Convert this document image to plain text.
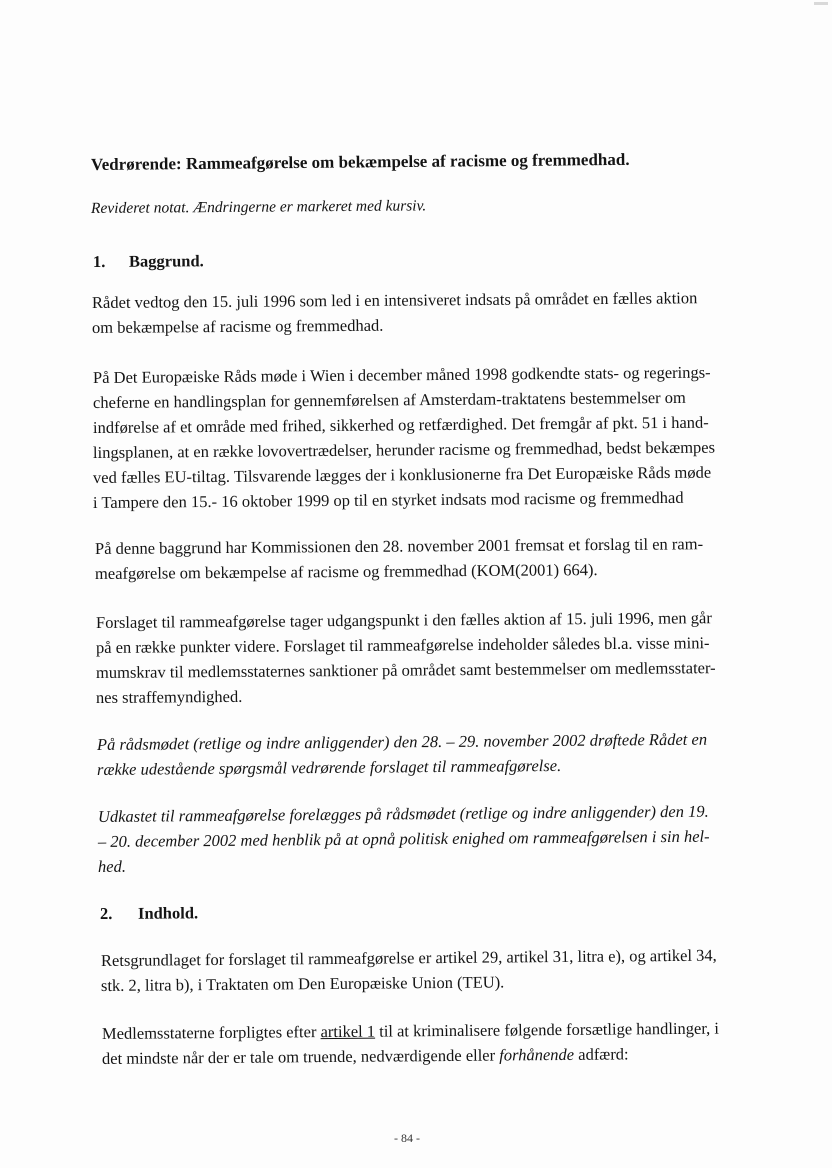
Vedrørende: Rammeafgørelse om bekæmpelse af racisme og fremmedhad.
Revideret notat. Ændringerne er markeret med kursiv.
1. Baggrund.
Rådet vedtog den 15. juli 1996 som led i en intensiveret indsats på området en fælles aktion
om bekæmpelse af racisme og fremmedhad.
På Det Europæiske Råds møde i Wien i december måned 1998 godkendte stats- og regerings-
cheferne en handlingsplan for gennemførelsen af Amsterdam-traktatens bestemmelser om
indførelse af et område med frihed, sikkerhed og retfærdighed. Det fremgår af pkt. 51 i hand-
lingsplanen, at en række lovovertrædelser, herunder racisme og fremmedhad, bedst bekæmpes
ved fælles EU-tiltag. Tilsvarende lægges der i konklusionerne fra Det Europæiske Råds møde
i Tampere den 15.- 16 oktober 1999 op til en styrket indsats mod racisme og fremmedhad
På denne baggrund har Kommissionen den 28. november 2001 fremsat et forslag til en ram-
meafgørelse om bekæmpelse af racisme og fremmedhad (KOM(2001) 664).
Forslaget til rammeafgørelse tager udgangspunkt i den fælles aktion af 15. juli 1996, men går
på en række punkter videre. Forslaget til rammeafgørelse indeholder således bl.a. visse mini-
mumskrav til medlemsstaternes sanktioner på området samt bestemmelser om medlemsstater-
nes straffemyndighed.
På rådsmødet (retlige og indre anliggender) den 28. – 29. november 2002 drøftede Rådet en
række udestående spørgsmål vedrørende forslaget til rammeafgørelse.
Udkastet til rammeafgørelse forelægges på rådsmødet (retlige og indre anliggender) den 19.
– 20. december 2002 med henblik på at opnå politisk enighed om rammeafgørelsen i sin hel-
hed.
2. Indhold.
Retsgrundlaget for forslaget til rammeafgørelse er artikel 29, artikel 31, litra e), og artikel 34,
stk. 2, litra b), i Traktaten om Den Europæiske Union (TEU).
Medlemsstaterne forpligtes efter artikel 1 til at kriminalisere følgende forsætlige handlinger, i
det mindste når der er tale om truende, nedværdigende eller forhånende adfærd:
- 84 -
